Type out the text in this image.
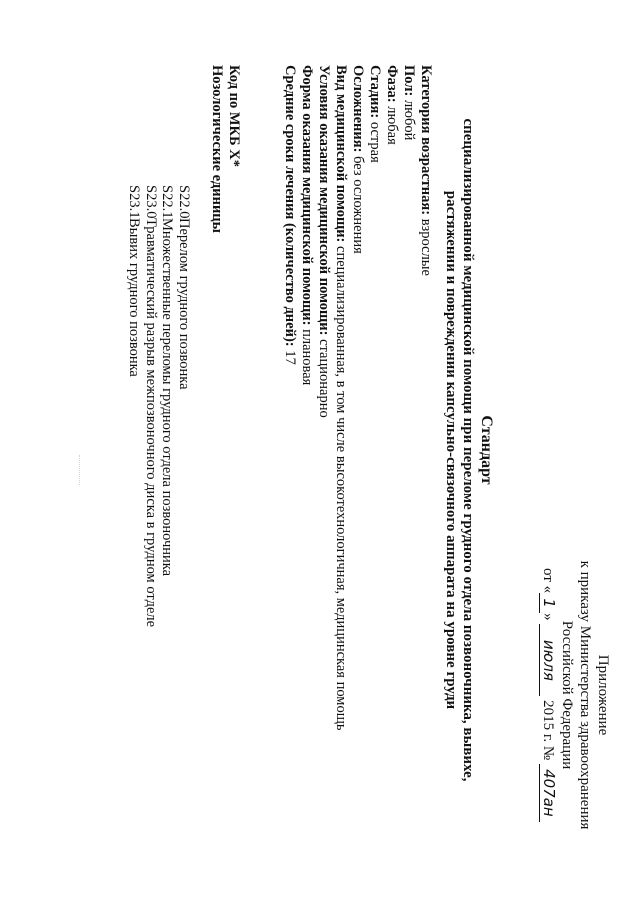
Приложение
к приказу Министерства здравоохранения
Российской Федерации
от «1» июля 2015 г. № 407ан
Стандарт
специализированной медицинской помощи при переломе грудного отдела позвоночника, вывихе,
растяжении и повреждении капсульно-связочного аппарата на уровне груди
Категория возрастная: взрослые
Пол: любой
Фаза: любая
Стадия: острая
Осложнения: без осложнения
Вид медицинской помощи: специализированная, в том числе высокотехнологичная, медицинская помощь
Условия оказания медицинской помощи: стационарно
Форма оказания медицинской помощи: плановая
Средние сроки лечения (количество дней): 17
Код по МКБ X*
Нозологические единицы
S22.0Перелом грудного позвонка
S22.1Множественные переломы грудного отдела позвоночника
S23.0Травматический разрыв межпозвоночного диска в грудном отделе
S23.1Вывих грудного позвонка
